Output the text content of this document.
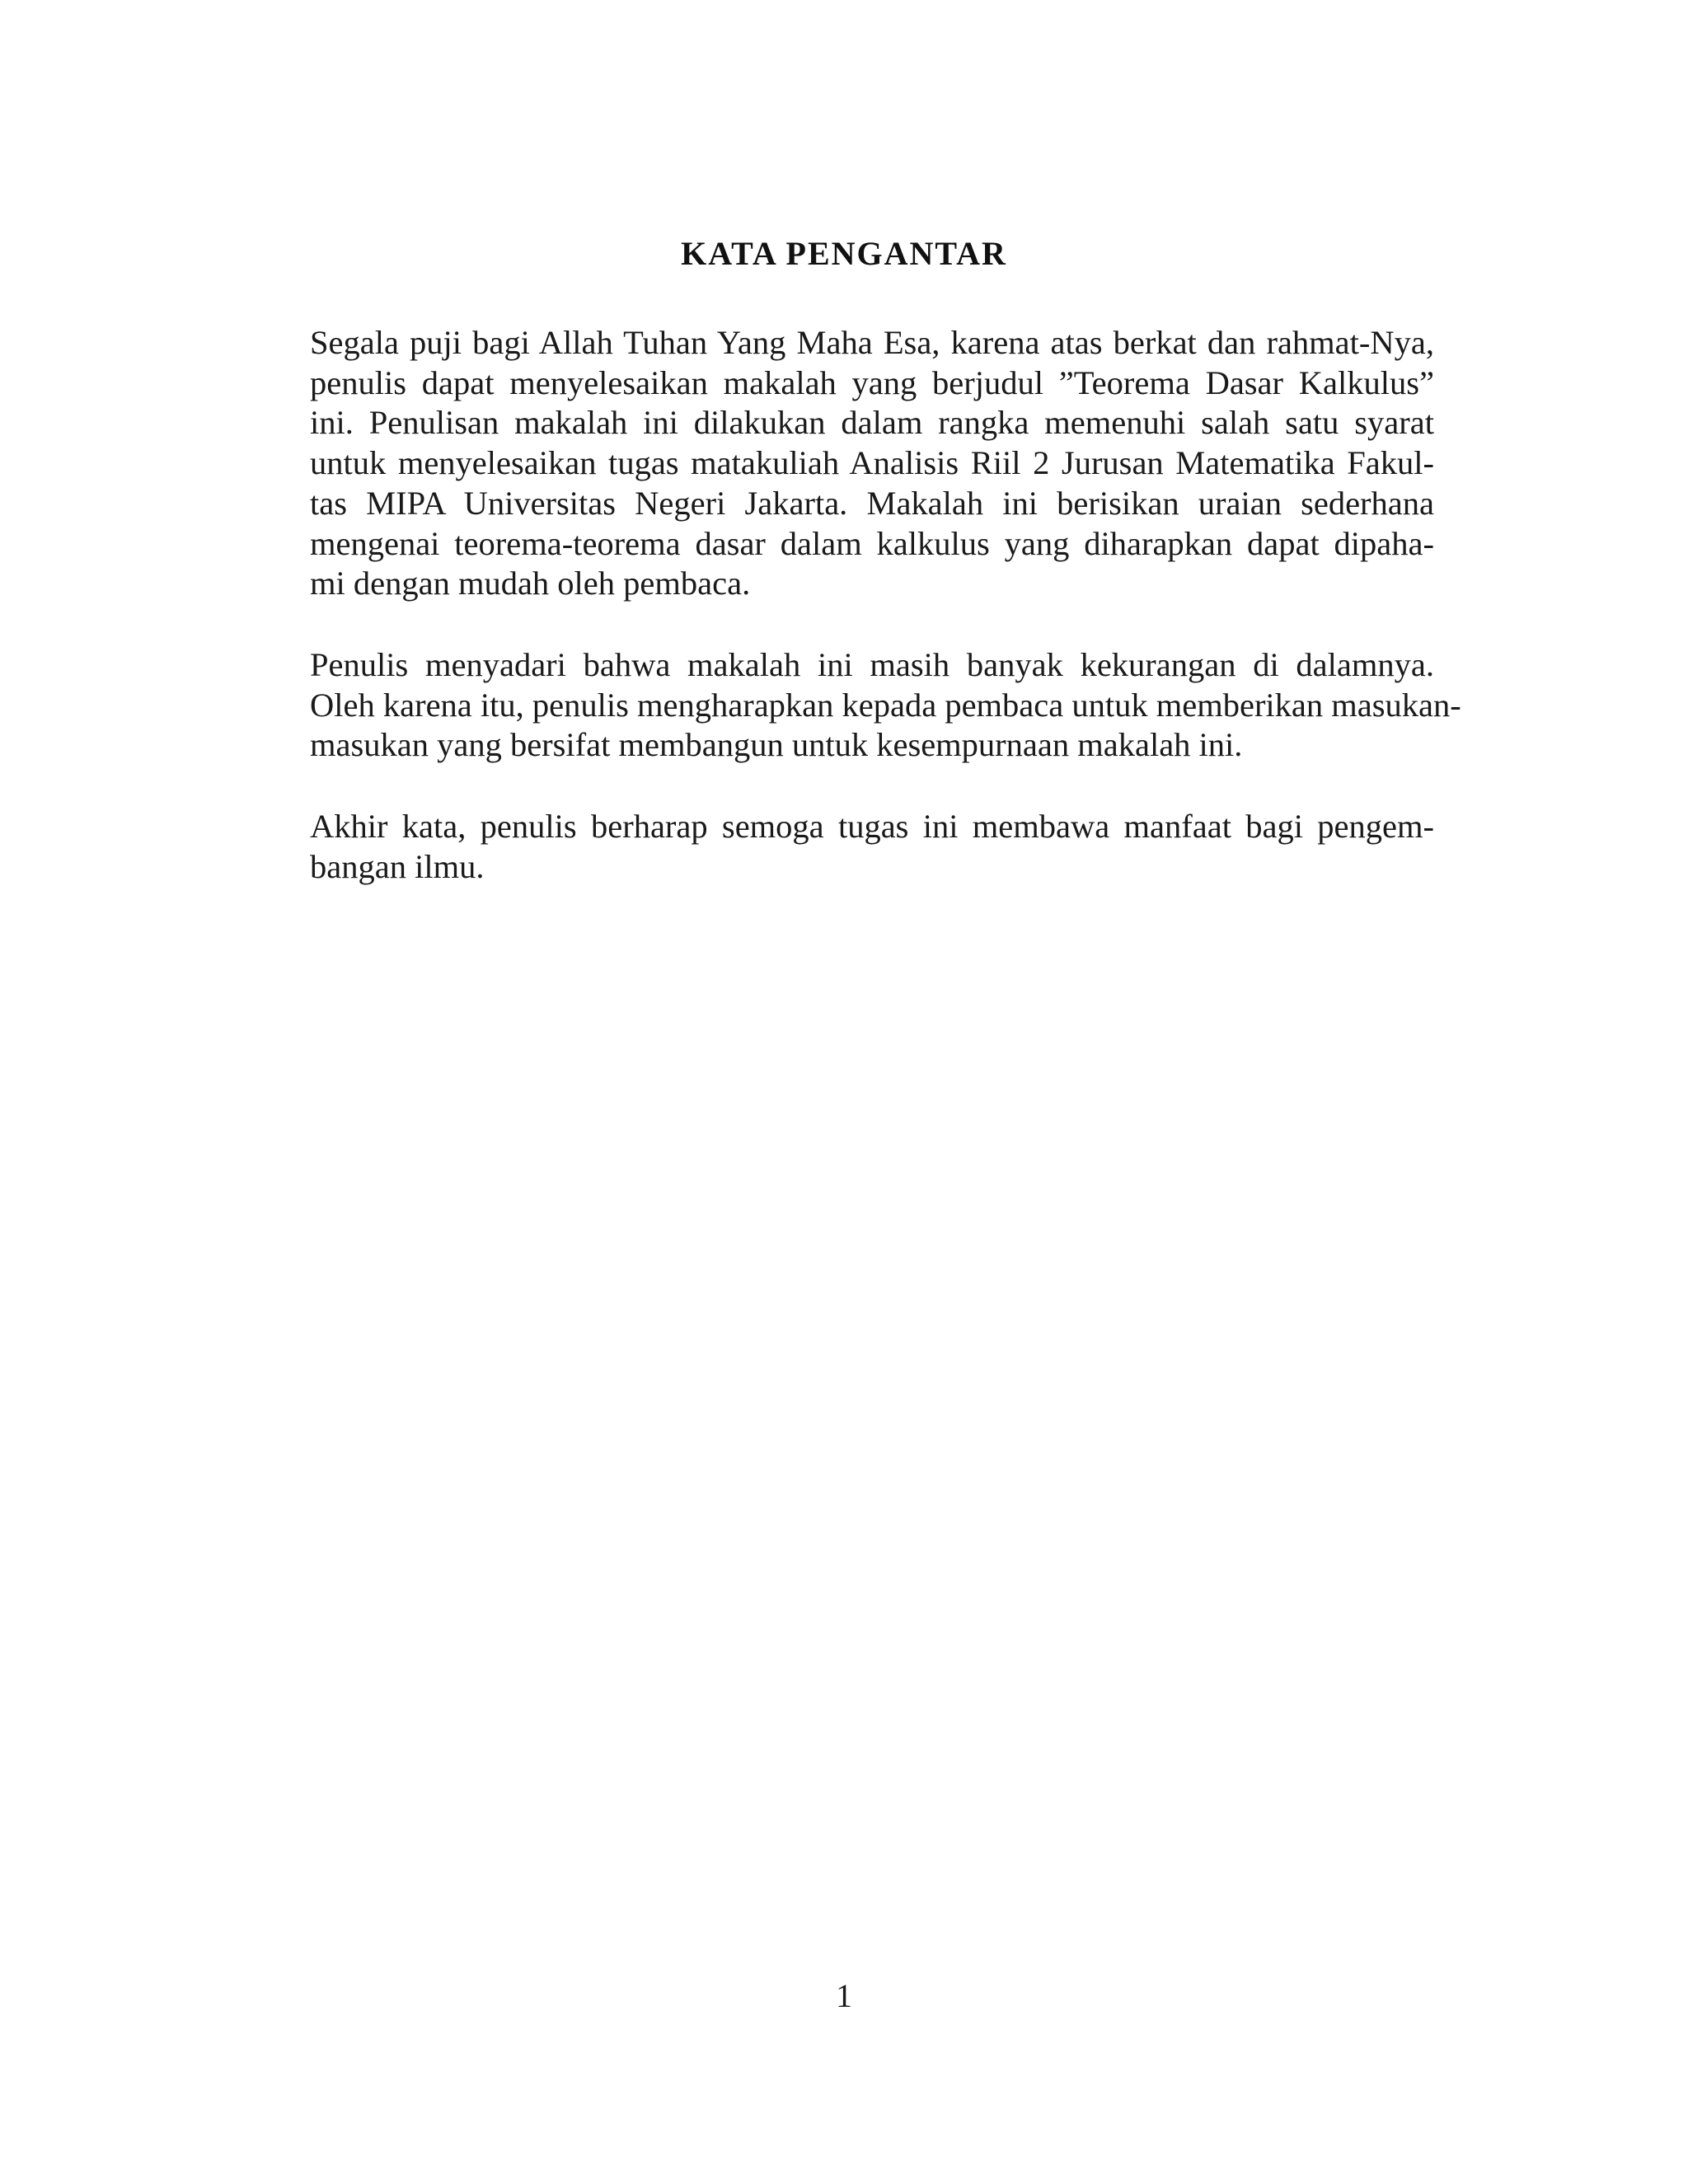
KATA PENGANTAR

Segala puji bagi Allah Tuhan Yang Maha Esa, karena atas berkat dan rahmat-Nya,
penulis dapat menyelesaikan makalah yang berjudul ”Teorema Dasar Kalkulus”
ini. Penulisan makalah ini dilakukan dalam rangka memenuhi salah satu syarat
untuk menyelesaikan tugas matakuliah Analisis Riil 2 Jurusan Matematika Fakul-
tas MIPA Universitas Negeri Jakarta. Makalah ini berisikan uraian sederhana
mengenai teorema-teorema dasar dalam kalkulus yang diharapkan dapat dipaha-
mi dengan mudah oleh pembaca.

Penulis menyadari bahwa makalah ini masih banyak kekurangan di dalamnya.
Oleh karena itu, penulis mengharapkan kepada pembaca untuk memberikan masukan-
masukan yang bersifat membangun untuk kesempurnaan makalah ini.

Akhir kata, penulis berharap semoga tugas ini membawa manfaat bagi pengem-
bangan ilmu.

1
